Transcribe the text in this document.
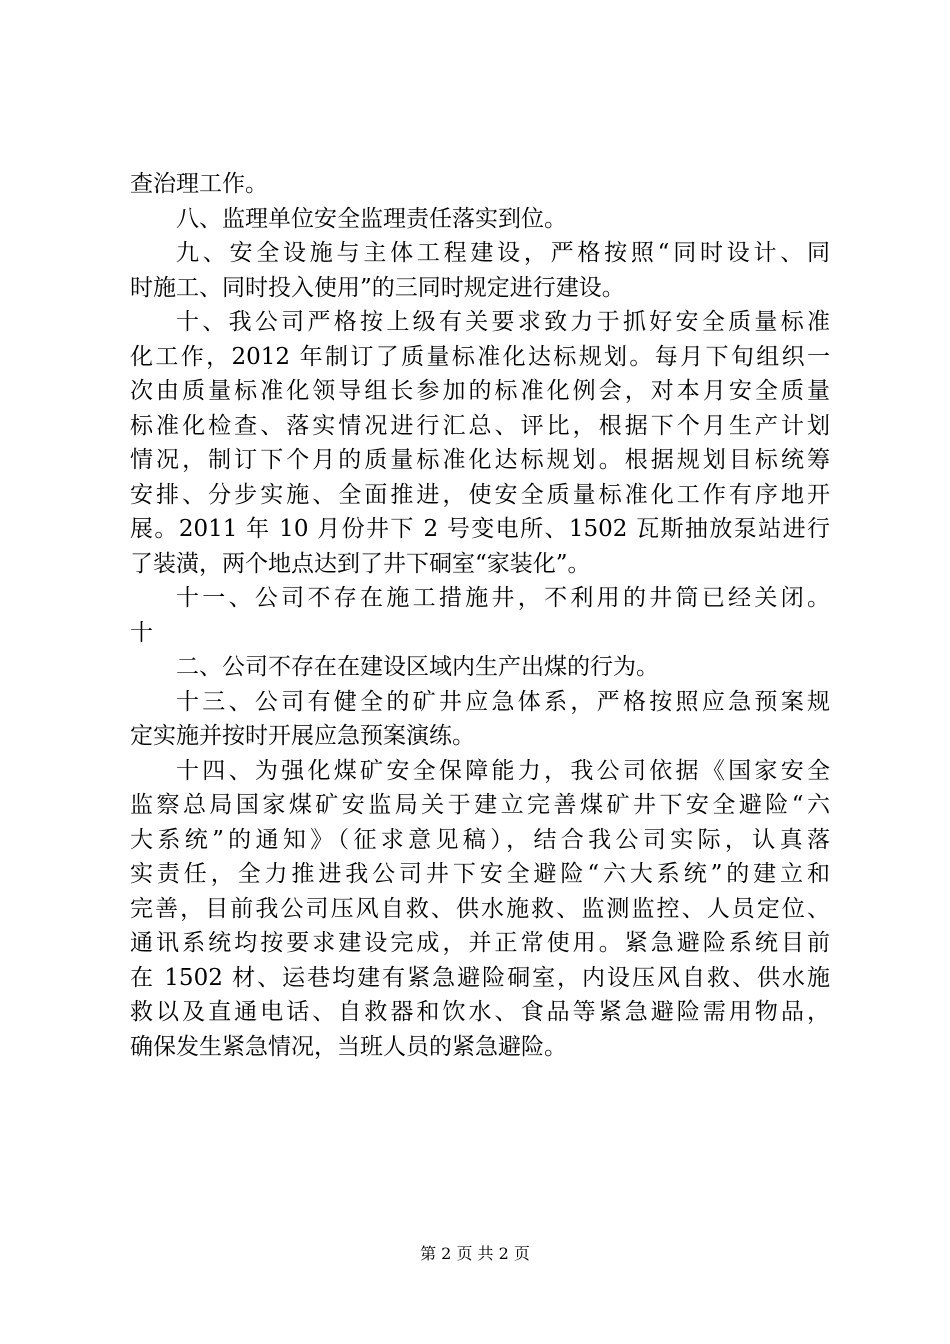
查治理工作。
八、监理单位安全监理责任落实到位。
九、安全设施与主体工程建设，严格按照“同时设计、同
时施工、同时投入使用”的三同时规定进行建设。
十、我公司严格按上级有关要求致力于抓好安全质量标准
化工作，2012 年制订了质量标准化达标规划。每月下旬组织一
次由质量标准化领导组长参加的标准化例会，对本月安全质量
标准化检查、落实情况进行汇总、评比，根据下个月生产计划
情况，制订下个月的质量标准化达标规划。根据规划目标统筹
安排、分步实施、全面推进，使安全质量标准化工作有序地开
展。2011 年 10 月份井下 2 号变电所、1502 瓦斯抽放泵站进行
了装潢，两个地点达到了井下硐室“家装化”。
十一、公司不存在施工措施井，不利用的井筒已经关闭。
十
二、公司不存在在建设区域内生产出煤的行为。
十三、公司有健全的矿井应急体系，严格按照应急预案规
定实施并按时开展应急预案演练。
十四、为强化煤矿安全保障能力，我公司依据《国家安全
监察总局国家煤矿安监局关于建立完善煤矿井下安全避险“六
大系统”的通知》（征求意见稿），结合我公司实际，认真落
实责任，全力推进我公司井下安全避险“六大系统”的建立和
完善，目前我公司压风自救、供水施救、监测监控、人员定位、
通讯系统均按要求建设完成，并正常使用。紧急避险系统目前
在 1502 材、运巷均建有紧急避险硐室，内设压风自救、供水施
救以及直通电话、自救器和饮水、食品等紧急避险需用物品，
确保发生紧急情况，当班人员的紧急避险。
第 2 页 共 2 页
